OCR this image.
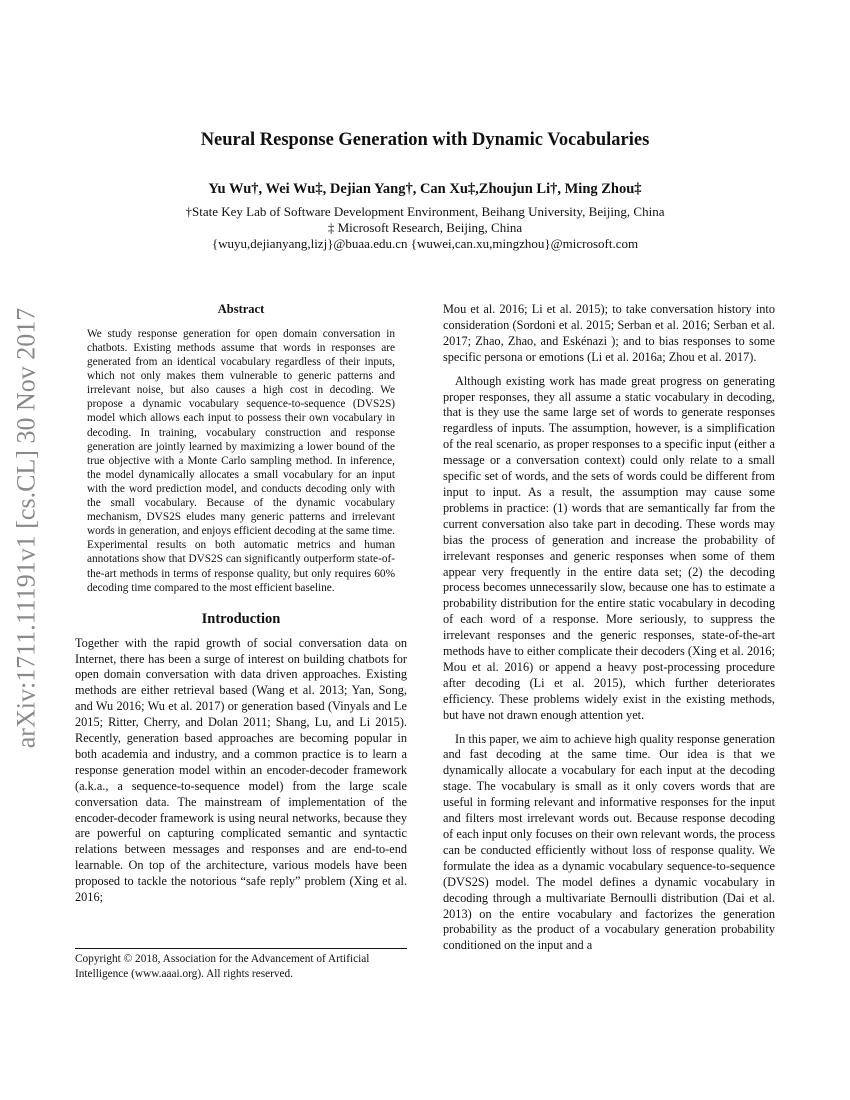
arXiv:1711.11191v1 [cs.CL] 30 Nov 2017
Neural Response Generation with Dynamic Vocabularies
Yu Wu†, Wei Wu‡, Dejian Yang†, Can Xu‡,Zhoujun Li†, Ming Zhou‡
†State Key Lab of Software Development Environment, Beihang University, Beijing, China
‡ Microsoft Research, Beijing, China
{wuyu,dejianyang,lizj}@buaa.edu.cn {wuwei,can.xu,mingzhou}@microsoft.com
Abstract

We study response generation for open domain conversation in chatbots. Existing methods assume that words in responses are generated from an identical vocabulary regardless of their inputs, which not only makes them vulnerable to generic patterns and irrelevant noise, but also causes a high cost in decoding. We propose a dynamic vocabulary sequence-to-sequence (DVS2S) model which allows each input to possess their own vocabulary in decoding. In training, vocabulary construction and response generation are jointly learned by maximizing a lower bound of the true objective with a Monte Carlo sampling method. In inference, the model dynamically allocates a small vocabulary for an input with the word prediction model, and conducts decoding only with the small vocabulary. Because of the dynamic vocabulary mechanism, DVS2S eludes many generic patterns and irrelevant words in generation, and enjoys efficient decoding at the same time. Experimental results on both automatic metrics and human annotations show that DVS2S can significantly outperform state-of-the-art methods in terms of response quality, but only requires 60% decoding time compared to the most efficient baseline.

Introduction

Together with the rapid growth of social conversation data on Internet, there has been a surge of interest on building chatbots for open domain conversation with data driven approaches. Existing methods are either retrieval based (Wang et al. 2013; Yan, Song, and Wu 2016; Wu et al. 2017) or generation based (Vinyals and Le 2015; Ritter, Cherry, and Dolan 2011; Shang, Lu, and Li 2015). Recently, generation based approaches are becoming popular in both academia and industry, and a common practice is to learn a response generation model within an encoder-decoder framework (a.k.a., a sequence-to-sequence model) from the large scale conversation data. The mainstream of implementation of the encoder-decoder framework is using neural networks, because they are powerful on capturing complicated semantic and syntactic relations between messages and responses and are end-to-end learnable. On top of the architecture, various models have been proposed to tackle the notorious “safe reply” problem (Xing et al. 2016;

Copyright © 2018, Association for the Advancement of Artificial Intelligence (www.aaai.org). All rights reserved.

Mou et al. 2016; Li et al. 2015); to take conversation history into consideration (Sordoni et al. 2015; Serban et al. 2016; Serban et al. 2017; Zhao, Zhao, and Eskénazi ); and to bias responses to some specific persona or emotions (Li et al. 2016a; Zhou et al. 2017).

Although existing work has made great progress on generating proper responses, they all assume a static vocabulary in decoding, that is they use the same large set of words to generate responses regardless of inputs. The assumption, however, is a simplification of the real scenario, as proper responses to a specific input (either a message or a conversation context) could only relate to a small specific set of words, and the sets of words could be different from input to input. As a result, the assumption may cause some problems in practice: (1) words that are semantically far from the current conversation also take part in decoding. These words may bias the process of generation and increase the probability of irrelevant responses and generic responses when some of them appear very frequently in the entire data set; (2) the decoding process becomes unnecessarily slow, because one has to estimate a probability distribution for the entire static vocabulary in decoding of each word of a response. More seriously, to suppress the irrelevant responses and the generic responses, state-of-the-art methods have to either complicate their decoders (Xing et al. 2016; Mou et al. 2016) or append a heavy post-processing procedure after decoding (Li et al. 2015), which further deteriorates efficiency. These problems widely exist in the existing methods, but have not drawn enough attention yet.

In this paper, we aim to achieve high quality response generation and fast decoding at the same time. Our idea is that we dynamically allocate a vocabulary for each input at the decoding stage. The vocabulary is small as it only covers words that are useful in forming relevant and informative responses for the input and filters most irrelevant words out. Because response decoding of each input only focuses on their own relevant words, the process can be conducted efficiently without loss of response quality. We formulate the idea as a dynamic vocabulary sequence-to-sequence (DVS2S) model. The model defines a dynamic vocabulary in decoding through a multivariate Bernoulli distribution (Dai et al. 2013) on the entire vocabulary and factorizes the generation probability as the product of a vocabulary generation probability conditioned on the input and a
